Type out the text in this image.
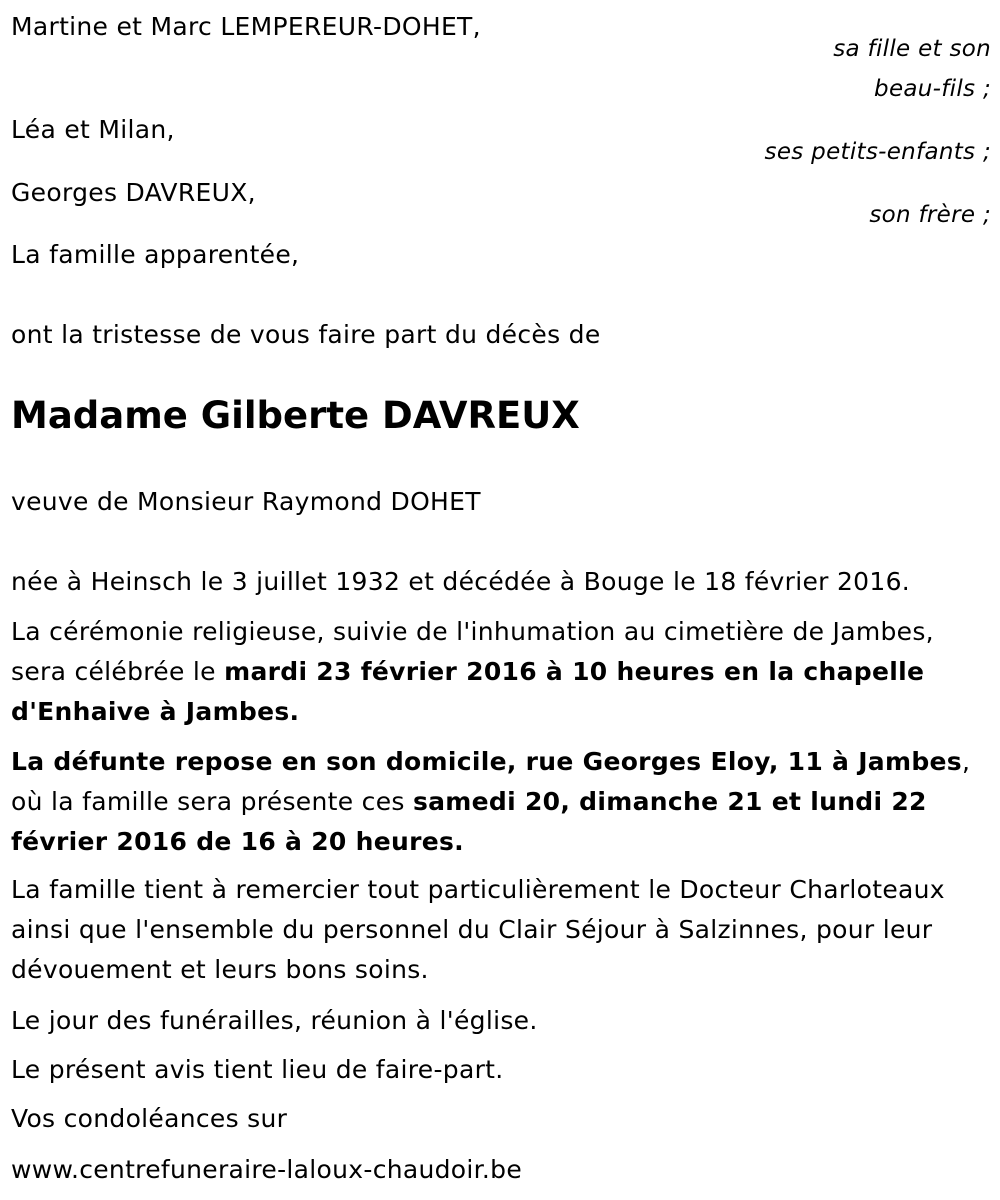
Martine et Marc LEMPEREUR-DOHET,

sa fille et son

beau-fils ;

Léa et Milan,

ses petits-enfants ;

Georges DAVREUX,

son frère ;

La famille apparentée,

ont la tristesse de vous faire part du décès de

Madame Gilberte DAVREUX

veuve de Monsieur Raymond DOHET

née à Heinsch le 3 juillet 1932 et décédée à Bouge le 18 février 2016.

La cérémonie religieuse, suivie de l'inhumation au cimetière de Jambes, sera célébrée le mardi 23 février 2016 à 10 heures en la chapelle d'Enhaive à Jambes.

La défunte repose en son domicile, rue Georges Eloy, 11 à Jambes, où la famille sera présente ces samedi 20, dimanche 21 et lundi 22 février 2016 de 16 à 20 heures.

La famille tient à remercier tout particulièrement le Docteur Charloteaux ainsi que l'ensemble du personnel du Clair Séjour à Salzinnes, pour leur dévouement et leurs bons soins.

Le jour des funérailles, réunion à l'église.

Le présent avis tient lieu de faire-part.

Vos condoléances sur

www.centrefuneraire-laloux-chaudoir.be
